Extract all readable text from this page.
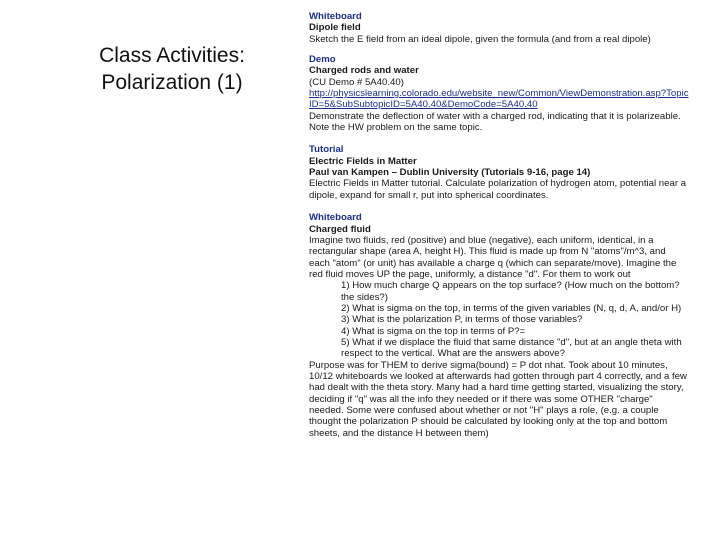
Class Activities:
Polarization (1)

Whiteboard

Dipole field

Sketch the E field from an ideal dipole, given the formula (and from a real dipole)

Demo

Charged rods and water

(CU Demo # 5A40.40)

http://physicslearning.colorado.edu/website_new/Common/ViewDemonstration.asp?TopicID=5&SubSubtopicID=5A40.40&DemoCode=5A40.40

Demonstrate the deflection of water with a charged rod, indicating that it is polarizeable. Note the HW problem on the same topic.

Tutorial

Electric Fields in Matter

Paul van Kampen – Dublin University (Tutorials 9-16, page 14)

Electric Fields in Matter tutorial. Calculate polarization of hydrogen atom, potential near a dipole, expand for small r, put into spherical coordinates.

Whiteboard

Charged fluid

Imagine two fluids, red (positive) and blue (negative), each uniform, identical, in a rectangular shape (area A, height H). This fluid is made up from N "atoms"/m^3, and each "atom" (or unit) has available a charge q (which can separate/move). Imagine the red fluid moves UP the page, uniformly, a distance "d". For them to work out

1) How much charge Q appears on the top surface? (How much on the bottom? the sides?)

2) What is sigma on the top, in terms of the given variables (N, q, d, A, and/or H)

3) What is the polarization P, in terms of those variables?

4) What is sigma on the top in terms of P?=

5) What if we displace the fluid that same distance "d", but at an angle theta with respect to the vertical. What are the answers above?

Purpose was for THEM to derive sigma(bound) = P dot nhat. Took about 10 minutes, 10/12 whiteboards we looked at afterwards had gotten through part 4 correctly, and a few had dealt with the theta story. Many had a hard time getting started, visualizing the story, deciding if "q" was all the info they needed or if there was some OTHER "charge" needed. Some were confused about whether or not "H" plays a role, (e.g. a couple thought the polarization P should be calculated by looking only at the top and bottom sheets, and the distance H between them)
